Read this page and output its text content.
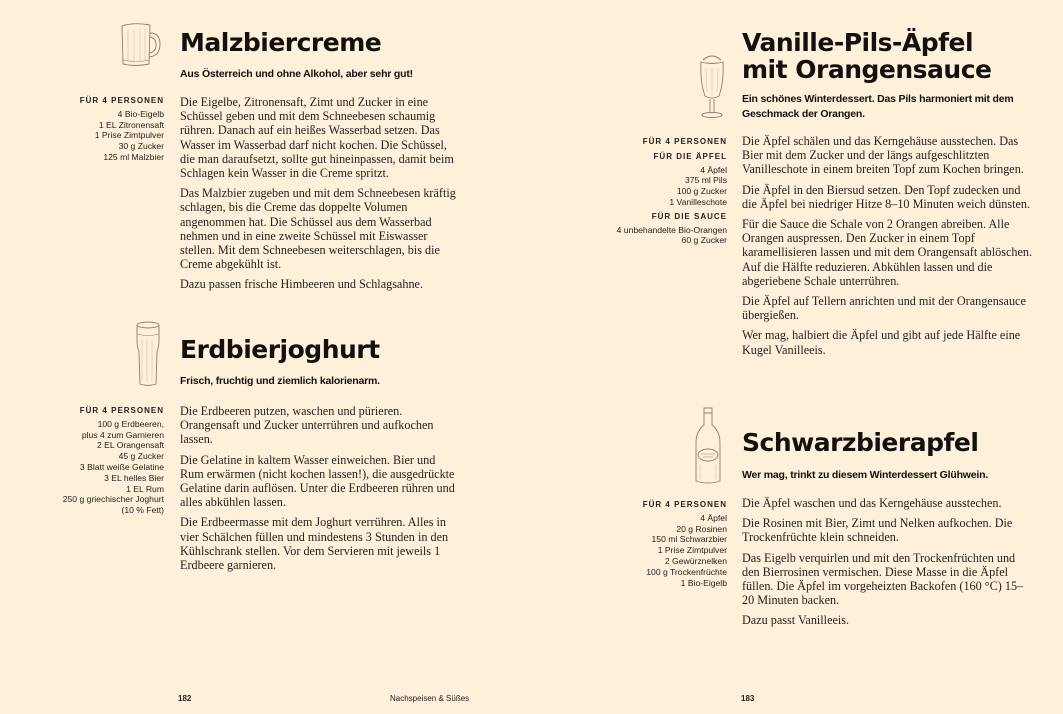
Malzbiercreme
Aus Österreich und ohne Alkohol, aber sehr gut!
FÜR 4 PERSONEN
4 Bio-Eigelb
1 EL Zitronensaft
1 Prise Zimtpulver
30 g Zucker
125 ml Malzbier

Die Eigelbe, Zitronensaft, Zimt und Zucker in eine Schüssel geben und mit dem Schneebesen schaumig rühren. Danach auf ein heißes Wasserbad setzen. Das Wasser im Wasserbad darf nicht kochen. Die Schüssel, die man daraufsetzt, sollte gut hineinpassen, damit beim Schlagen kein Wasser in die Creme spritzt.

Das Malzbier zugeben und mit dem Schneebesen kräftig schlagen, bis die Creme das doppelte Volumen angenommen hat. Die Schüssel aus dem Wasserbad nehmen und in eine zweite Schüssel mit Eiswasser stellen. Mit dem Schneebesen weiterschlagen, bis die Creme abgekühlt ist.

Dazu passen frische Himbeeren und Schlagsahne.

Erdbierjoghurt
Frisch, fruchtig und ziemlich kalorienarm.
FÜR 4 PERSONEN
100 g Erdbeeren,
plus 4 zum Garnieren
2 EL Orangensaft
45 g Zucker
3 Blatt weiße Gelatine
3 EL helles Bier
1 EL Rum
250 g griechischer Joghurt
(10 % Fett)

Die Erdbeeren putzen, waschen und pürieren. Orangensaft und Zucker unterrühren und aufkochen lassen.

Die Gelatine in kaltem Wasser einweichen. Bier und Rum erwärmen (nicht kochen lassen!), die ausgedrückte Gelatine darin auflösen. Unter die Erdbeeren rühren und alles abkühlen lassen.

Die Erdbeermasse mit dem Joghurt verrühren. Alles in vier Schälchen füllen und mindestens 3 Stunden in den Kühlschrank stellen. Vor dem Servieren mit jeweils 1 Erdbeere garnieren.

182	Nachspeisen & Süßes
Vanille-Pils-Äpfel
mit Orangensauce
Ein schönes Winterdessert. Das Pils harmoniert mit dem Geschmack der Orangen.
FÜR 4 PERSONEN
FÜR DIE ÄPFEL
4 Äpfel
375 ml Pils
100 g Zucker
1 Vanilleschote
FÜR DIE SAUCE
4 unbehandelte Bio-Orangen
60 g Zucker

Die Äpfel schälen und das Kerngehäuse ausstechen. Das Bier mit dem Zucker und der längs aufgeschlitzten Vanilleschote in einem breiten Topf zum Kochen bringen.

Die Äpfel in den Biersud setzen. Den Topf zudecken und die Äpfel bei niedriger Hitze 8–10 Minuten weich dünsten.

Für die Sauce die Schale von 2 Orangen abreiben. Alle Orangen auspressen. Den Zucker in einem Topf karamellisieren lassen und mit dem Orangensaft ablöschen. Auf die Hälfte reduzieren. Abkühlen lassen und die abgeriebene Schale unterrühren.

Die Äpfel auf Tellern anrichten und mit der Orangensauce übergießen.

Wer mag, halbiert die Äpfel und gibt auf jede Hälfte eine Kugel Vanilleeis.

Schwarzbierapfel
Wer mag, trinkt zu diesem Winterdessert Glühwein.
FÜR 4 PERSONEN
4 Äpfel
20 g Rosinen
150 ml Schwarzbier
1 Prise Zimtpulver
2 Gewürznelken
100 g Trockenfrüchte
1 Bio-Eigelb

Die Äpfel waschen und das Kerngehäuse ausstechen.

Die Rosinen mit Bier, Zimt und Nelken aufkochen. Die Trockenfrüchte klein schneiden.

Das Eigelb verquirlen und mit den Trockenfrüchten und den Bierrosinen vermischen. Diese Masse in die Äpfel füllen. Die Äpfel im vorgeheizten Backofen (160 °C) 15–20 Minuten backen.

Dazu passt Vanilleeis.

183
